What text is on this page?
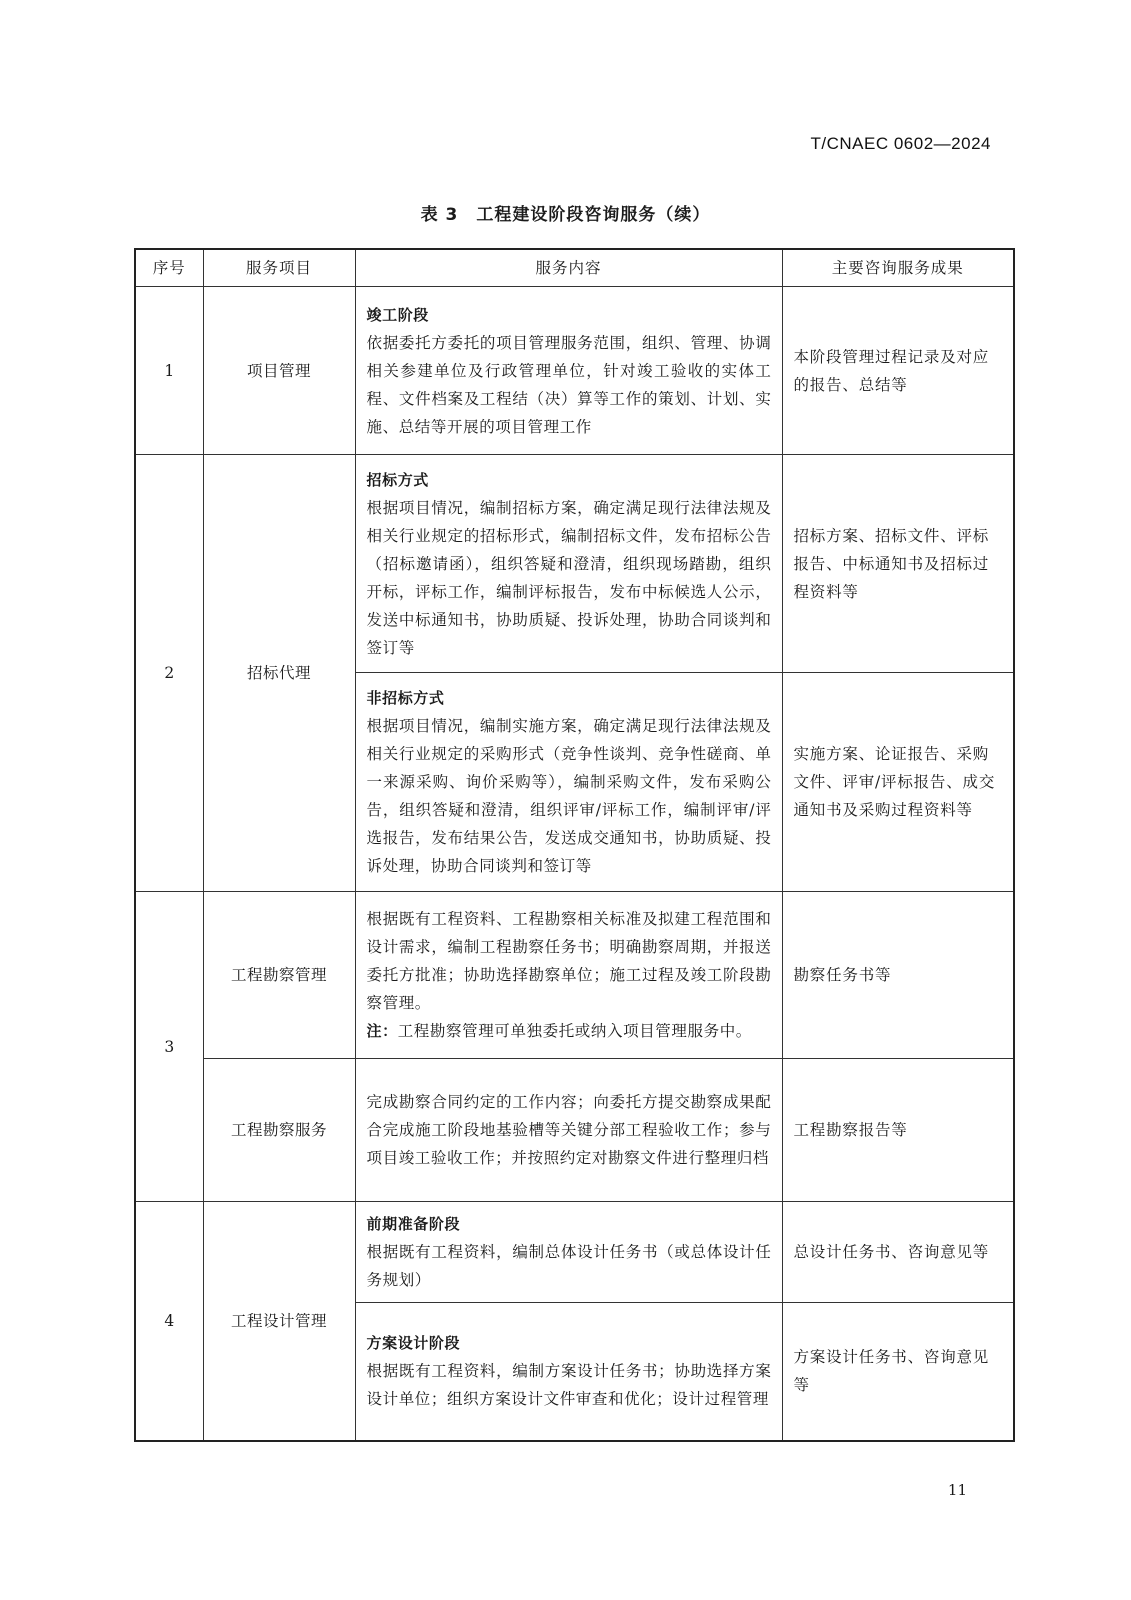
T/CNAEC 0602—2024
表 3　工程建设阶段咨询服务（续）
序号	服务项目	服务内容	主要咨询服务成果
1	项目管理	竣工阶段
依据委托方委托的项目管理服务范围，组织、管理、协调相关参建单位及行政管理单位，针对竣工验收的实体工程、文件档案及工程结（决）算等工作的策划、计划、实施、总结等开展的项目管理工作	本阶段管理过程记录及对应的报告、总结等
2	招标代理	招标方式
根据项目情况，编制招标方案，确定满足现行法律法规及相关行业规定的招标形式，编制招标文件，发布招标公告（招标邀请函），组织答疑和澄清，组织现场踏勘，组织开标，评标工作，编制评标报告，发布中标候选人公示，发送中标通知书，协助质疑、投诉处理，协助合同谈判和签订等	招标方案、招标文件、评标报告、中标通知书及招标过程资料等

		非招标方式
根据项目情况，编制实施方案，确定满足现行法律法规及相关行业规定的采购形式（竞争性谈判、竞争性磋商、单一来源采购、询价采购等），编制采购文件，发布采购公告，组织答疑和澄清，组织评审/评标工作，编制评审/评选报告，发布结果公告，发送成交通知书，协助质疑、投诉处理，协助合同谈判和签订等	实施方案、论证报告、采购文件、评审/评标报告、成交通知书及采购过程资料等
3	工程勘察管理	根据既有工程资料、工程勘察相关标准及拟建工程范围和设计需求，编制工程勘察任务书；明确勘察周期，并报送委托方批准；协助选择勘察单位；施工过程及竣工阶段勘察管理。
注：工程勘察管理可单独委托或纳入项目管理服务中。	勘察任务书等
	工程勘察服务	完成勘察合同约定的工作内容；向委托方提交勘察成果配合完成施工阶段地基验槽等关键分部工程验收工作；参与项目竣工验收工作；并按照约定对勘察文件进行整理归档	工程勘察报告等
4	工程设计管理	前期准备阶段
根据既有工程资料，编制总体设计任务书（或总体设计任务规划）	总设计任务书、咨询意见等

		方案设计阶段
根据既有工程资料，编制方案设计任务书；协助选择方案设计单位；组织方案设计文件审查和优化；设计过程管理	方案设计任务书、咨询意见等
11
